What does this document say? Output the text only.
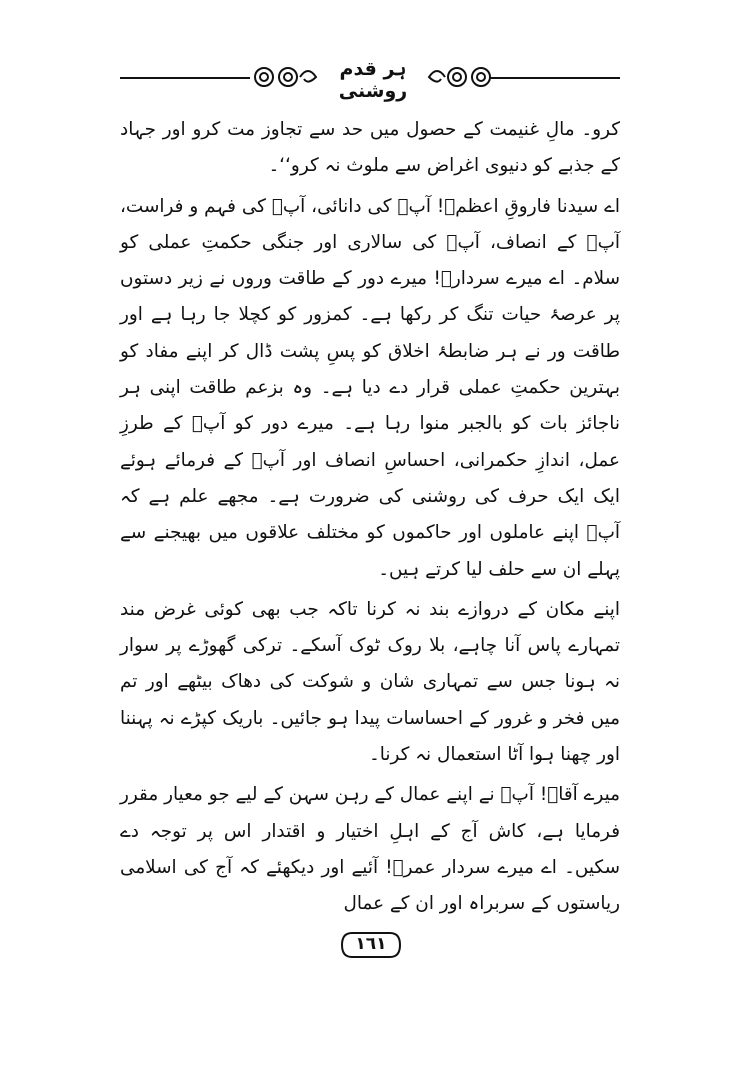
ہر قدم روشنی

کرو۔ مالِ غنیمت کے حصول میں حد سے تجاوز مت کرو اور جہاد کے جذبے کو دنیوی اغراض سے ملوث نہ کرو‘‘۔

اے سیدنا فاروقِ اعظمؓ! آپؓ کی دانائی، آپؓ کی فہم و فراست، آپؓ کے انصاف، آپؓ کی سالاری اور جنگی حکمتِ عملی کو سلام۔ اے میرے سردارؓ! میرے دور کے طاقت وروں نے زیر دستوں پر عرصۂ حیات تنگ کر رکھا ہے۔ کمزور کو کچلا جا رہا ہے اور طاقت ور نے ہر ضابطۂ اخلاق کو پسِ پشت ڈال کر اپنے مفاد کو بہترین حکمتِ عملی قرار دے دیا ہے۔ وہ بزعم طاقت اپنی ہر ناجائز بات کو بالجبر منوا رہا ہے۔ میرے دور کو آپؓ کے طرزِ عمل، اندازِ حکمرانی، احساسِ انصاف اور آپؓ کے فرمائے ہوئے ایک ایک حرف کی روشنی کی ضرورت ہے۔ مجھے علم ہے کہ آپؓ اپنے عاملوں اور حاکموں کو مختلف علاقوں میں بھیجنے سے پہلے ان سے حلف لیا کرتے ہیں۔

اپنے مکان کے دروازے بند نہ کرنا تاکہ جب بھی کوئی غرض مند تمہارے پاس آنا چاہے، بلا روک ٹوک آسکے۔ ترکی گھوڑے پر سوار نہ ہونا جس سے تمہاری شان و شوکت کی دھاک بیٹھے اور تم میں فخر و غرور کے احساسات پیدا ہو جائیں۔ باریک کپڑے نہ پہننا اور چھنا ہوا آٹا استعمال نہ کرنا۔

میرے آقاؓ! آپؓ نے اپنے عمال کے رہن سہن کے لیے جو معیار مقرر فرمایا ہے، کاش آج کے اہلِ اختیار و اقتدار اس پر توجہ دے سکیں۔ اے میرے سردار عمرؓ! آئیے اور دیکھئے کہ آج کی اسلامی ریاستوں کے سربراہ اور ان کے عمال

١٦١
